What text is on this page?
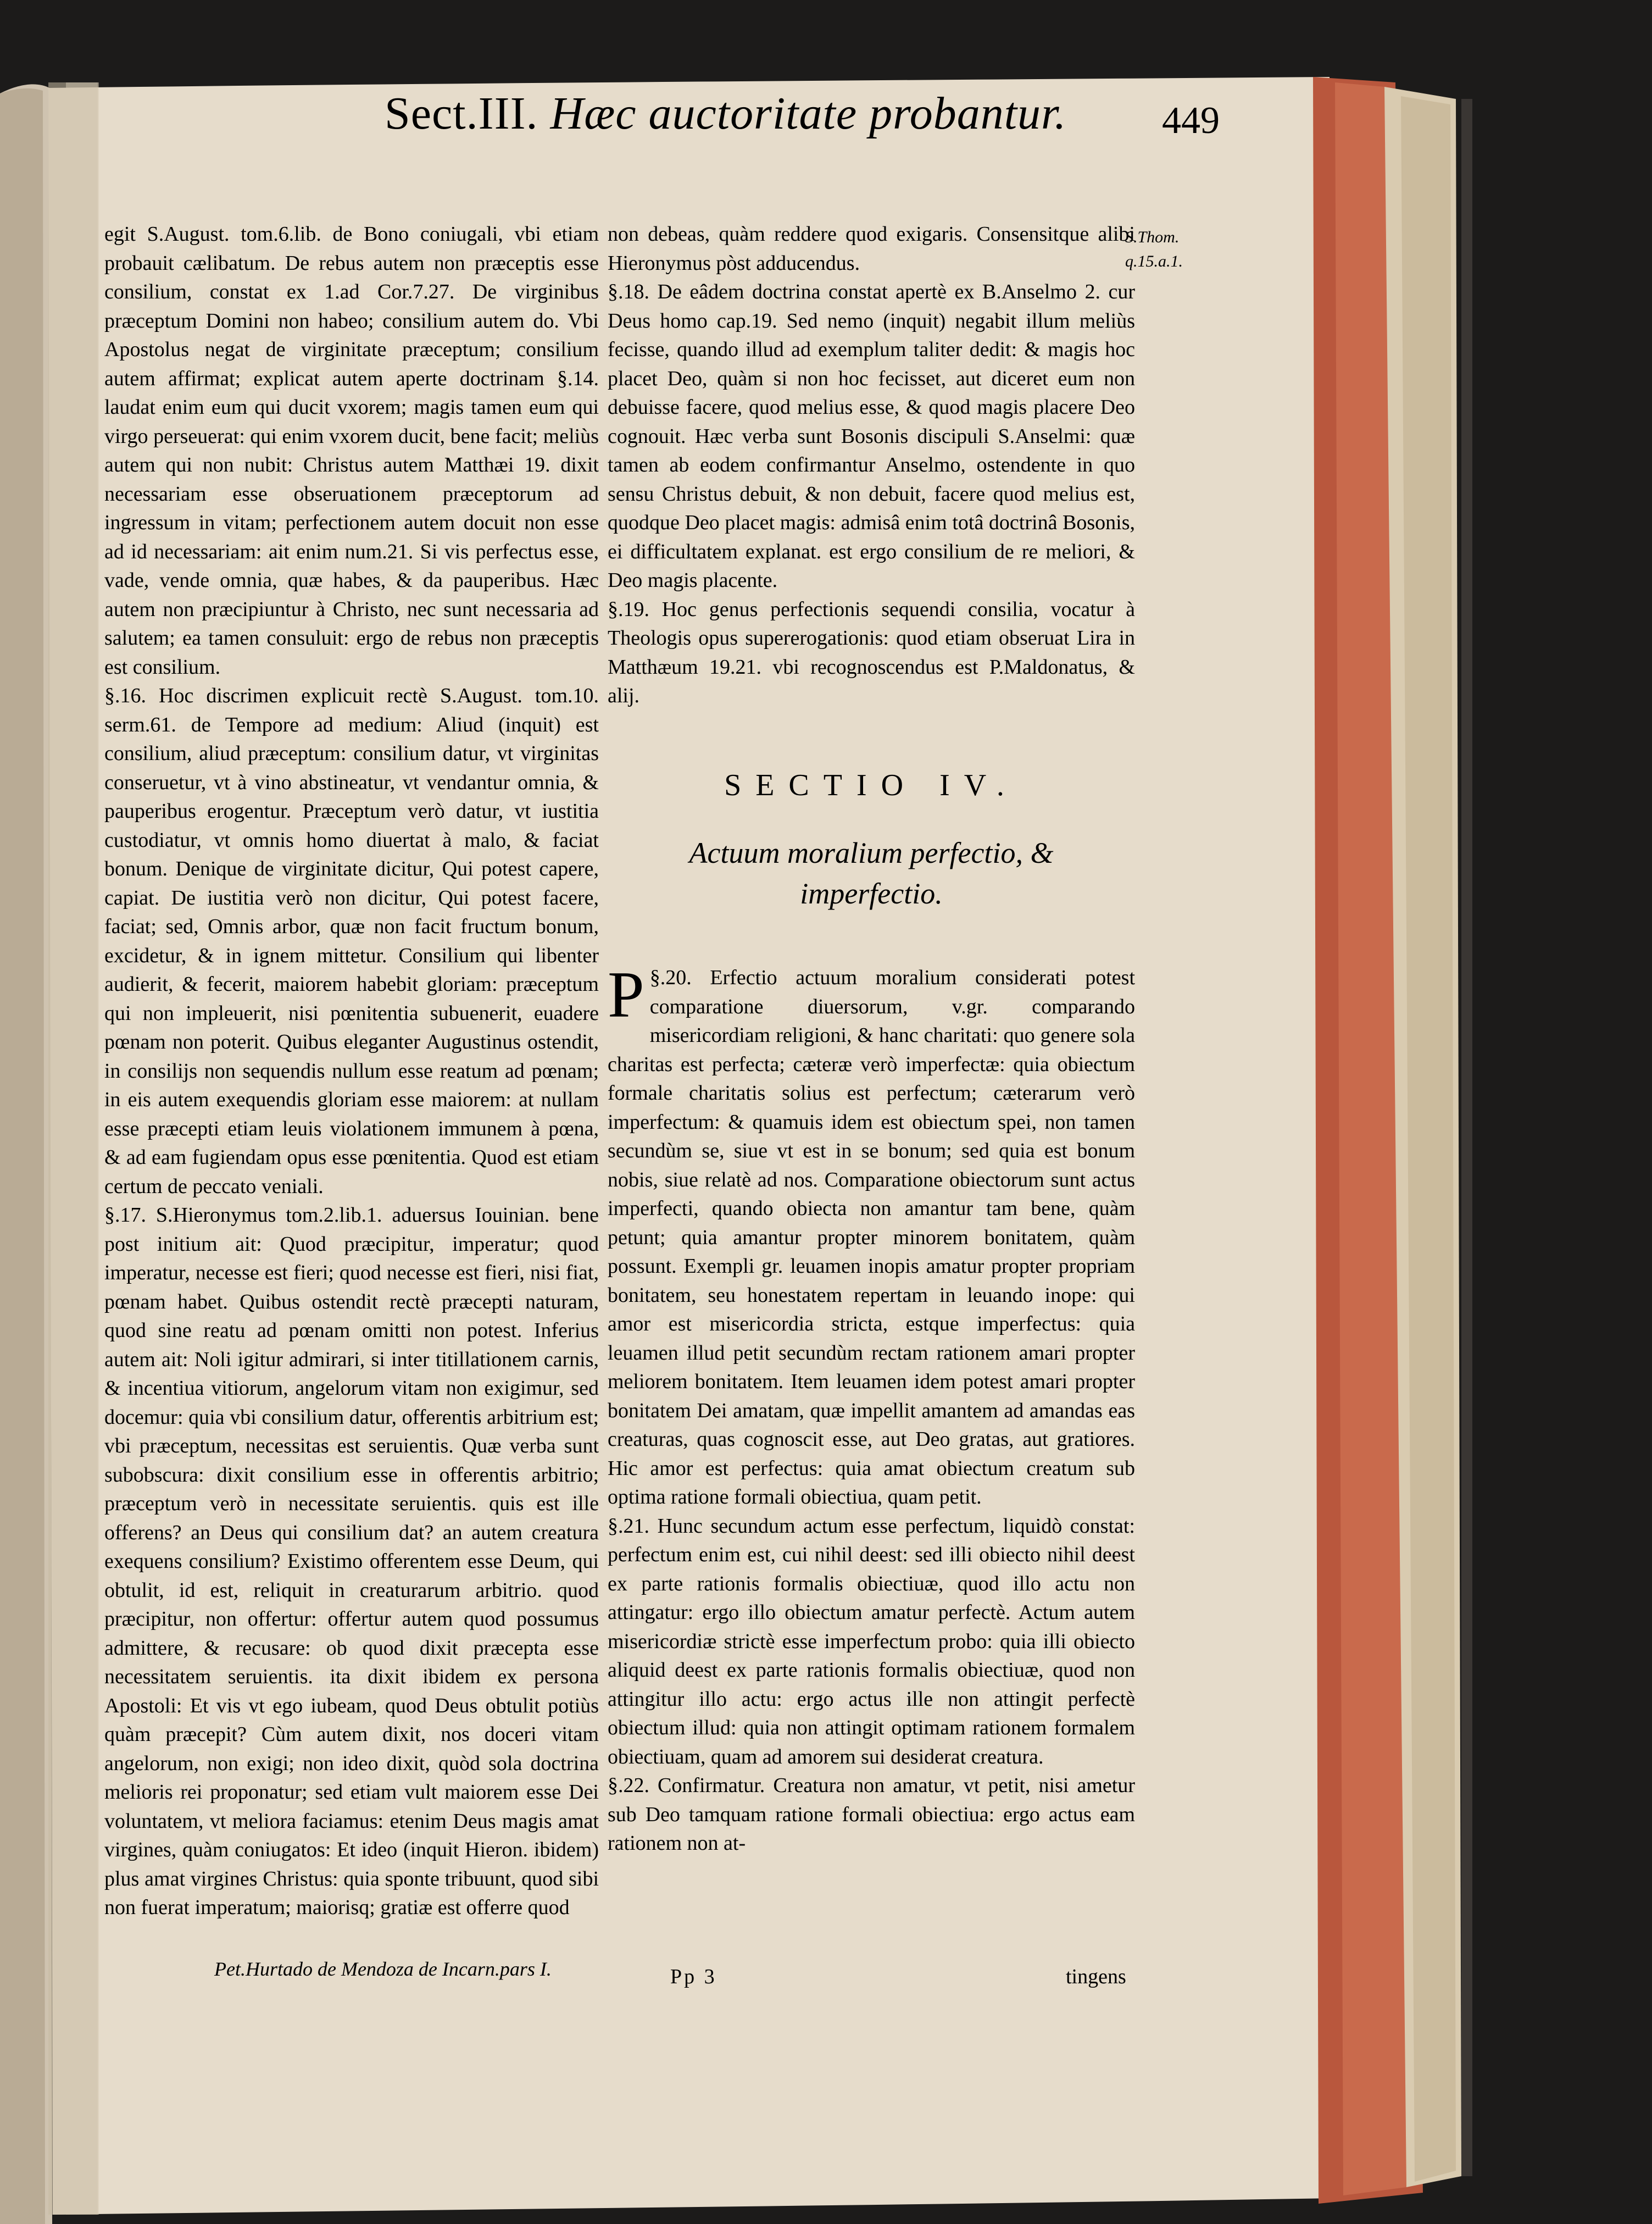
Sect.III. Hæc auctoritate probantur. 449
S.Thom.
q.15.a.1.

egit S.August. tom.6.lib. de Bono coniugali, vbi etiam probauit cælibatum. De rebus autem non præceptis esse consilium, constat ex 1.ad Cor.7.27. De virginibus præceptum Domini non habeo; consilium autem do. Vbi Apostolus negat de virginitate præceptum; consilium autem affirmat; explicat autem aperte doctrinam §.14. laudat enim eum qui ducit vxorem; magis tamen eum qui virgo perseuerat: qui enim vxorem ducit, bene facit; meliùs autem qui non nubit: Christus autem Matthæi 19. dixit necessariam esse obseruationem præceptorum ad ingressum in vitam; perfectionem autem docuit non esse ad id necessariam: ait enim num.21. Si vis perfectus esse, vade, vende omnia, quæ habes, & da pauperibus. Hæc autem non præcipiuntur à Christo, nec sunt necessaria ad salutem; ea tamen consuluit: ergo de rebus non præceptis est consilium.

§.16. Hoc discrimen explicuit rectè S.August. tom.10. serm.61. de Tempore ad medium: Aliud (inquit) est consilium, aliud præceptum: consilium datur, vt virginitas conseruetur, vt à vino abstineatur, vt vendantur omnia, & pauperibus erogentur. Præceptum verò datur, vt iustitia custodiatur, vt omnis homo diuertat à malo, & faciat bonum. Denique de virginitate dicitur, Qui potest capere, capiat. De iustitia verò non dicitur, Qui potest facere, faciat; sed, Omnis arbor, quæ non facit fructum bonum, excidetur, & in ignem mittetur. Consilium qui libenter audierit, & fecerit, maiorem habebit gloriam: præceptum qui non impleuerit, nisi pœnitentia subuenerit, euadere pœnam non poterit. Quibus eleganter Augustinus ostendit, in consilijs non sequendis nullum esse reatum ad pœnam; in eis autem exequendis gloriam esse maiorem: at nullam esse præcepti etiam leuis violationem immunem à pœna, & ad eam fugiendam opus esse pœnitentia. Quod est etiam certum de peccato veniali.

§.17. S.Hieronymus tom.2.lib.1. aduersus Iouinian. bene post initium ait: Quod præcipitur, imperatur; quod imperatur, necesse est fieri; quod necesse est fieri, nisi fiat, pœnam habet. Quibus ostendit rectè præcepti naturam, quod sine reatu ad pœnam omitti non potest. Inferius autem ait: Noli igitur admirari, si inter titillationem carnis, & incentiua vitiorum, angelorum vitam non exigimur, sed docemur: quia vbi consilium datur, offerentis arbitrium est; vbi præceptum, necessitas est seruientis. Quæ verba sunt subobscura: dixit consilium esse in offerentis arbitrio; præceptum verò in necessitate seruientis. quis est ille offerens? an Deus qui consilium dat? an autem creatura exequens consilium? Existimo offerentem esse Deum, qui obtulit, id est, reliquit in creaturarum arbitrio. quod præcipitur, non offertur: offertur autem quod possumus admittere, & recusare: ob quod dixit præcepta esse necessitatem seruientis. ita dixit ibidem ex persona Apostoli: Et vis vt ego iubeam, quod Deus obtulit potiùs quàm præcepit? Cùm autem dixit, nos doceri vitam angelorum, non exigi; non ideo dixit, quòd sola doctrina melioris rei proponatur; sed etiam vult maiorem esse Dei voluntatem, vt meliora faciamus: etenim Deus magis amat virgines, quàm coniugatos: Et ideo (inquit Hieron. ibidem) plus amat virgines Christus: quia sponte tribuunt, quod sibi non fuerat imperatum; maiorisq; gratiæ est offerre quod

Pet.Hurtado de Mendoza de Incarn.pars I.

non debeas, quàm reddere quod exigaris. Consensitque alibi Hieronymus pòst adducendus.

§.18. De eâdem doctrina constat apertè ex B.Anselmo 2. cur Deus homo cap.19. Sed nemo (inquit) negabit illum meliùs fecisse, quando illud ad exemplum taliter dedit: & magis hoc placet Deo, quàm si non hoc fecisset, aut diceret eum non debuisse facere, quod melius esse, & quod magis placere Deo cognouit. Hæc verba sunt Bosonis discipuli S.Anselmi: quæ tamen ab eodem confirmantur Anselmo, ostendente in quo sensu Christus debuit, & non debuit, facere quod melius est, quodque Deo placet magis: admisâ enim totâ doctrinâ Bosonis, ei difficultatem explanat. est ergo consilium de re meliori, & Deo magis placente.

§.19. Hoc genus perfectionis sequendi consilia, vocatur à Theologis opus supererogationis: quod etiam obseruat Lira in Matthæum 19.21. vbi recognoscendus est P.Maldonatus, & alij.

SECTIO IV.
Actuum moralium perfectio, &
imperfectio.

§.20.
P	Erfectio actuum moralium considerati potest comparatione diuersorum, v.gr. comparando misericordiam religioni, & hanc charitati: quo genere sola charitas est perfecta; cæteræ verò imperfectæ: quia obiectum formale charitatis solius est perfectum; cæterarum verò imperfectum: & quamuis idem est obiectum spei, non tamen secundùm se, siue vt est in se bonum; sed quia est bonum nobis, siue relatè ad nos. Comparatione obiectorum sunt actus imperfecti, quando obiecta non amantur tam bene, quàm petunt; quia amantur propter minorem bonitatem, quàm possunt. Exempli gr. leuamen inopis amatur propter propriam bonitatem, seu honestatem repertam in leuando inope: qui amor est misericordia stricta, estque imperfectus: quia leuamen illud petit secundùm rectam rationem amari propter meliorem bonitatem. Item leuamen idem potest amari propter bonitatem Dei amatam, quæ impellit amantem ad amandas eas creaturas, quas cognoscit esse, aut Deo gratas, aut gratiores. Hic amor est perfectus: quia amat obiectum creatum sub optima ratione formali obiectiua, quam petit.

§.21. Hunc secundum actum esse perfectum, liquidò constat: perfectum enim est, cui nihil deest: sed illi obiecto nihil deest ex parte rationis formalis obiectiuæ, quod illo actu non attingatur: ergo illo obiectum amatur perfectè. Actum autem misericordiæ strictè esse imperfectum probo: quia illi obiecto aliquid deest ex parte rationis formalis obiectiuæ, quod non attingitur illo actu: ergo actus ille non attingit perfectè obiectum illud: quia non attingit optimam rationem formalem obiectiuam, quam ad amorem sui desiderat creatura.

§.22. Confirmatur. Creatura non amatur, vt petit, nisi ametur sub Deo tamquam ratione formali obiectiua: ergo actus eam rationem non at-

Pp 3	tingens
